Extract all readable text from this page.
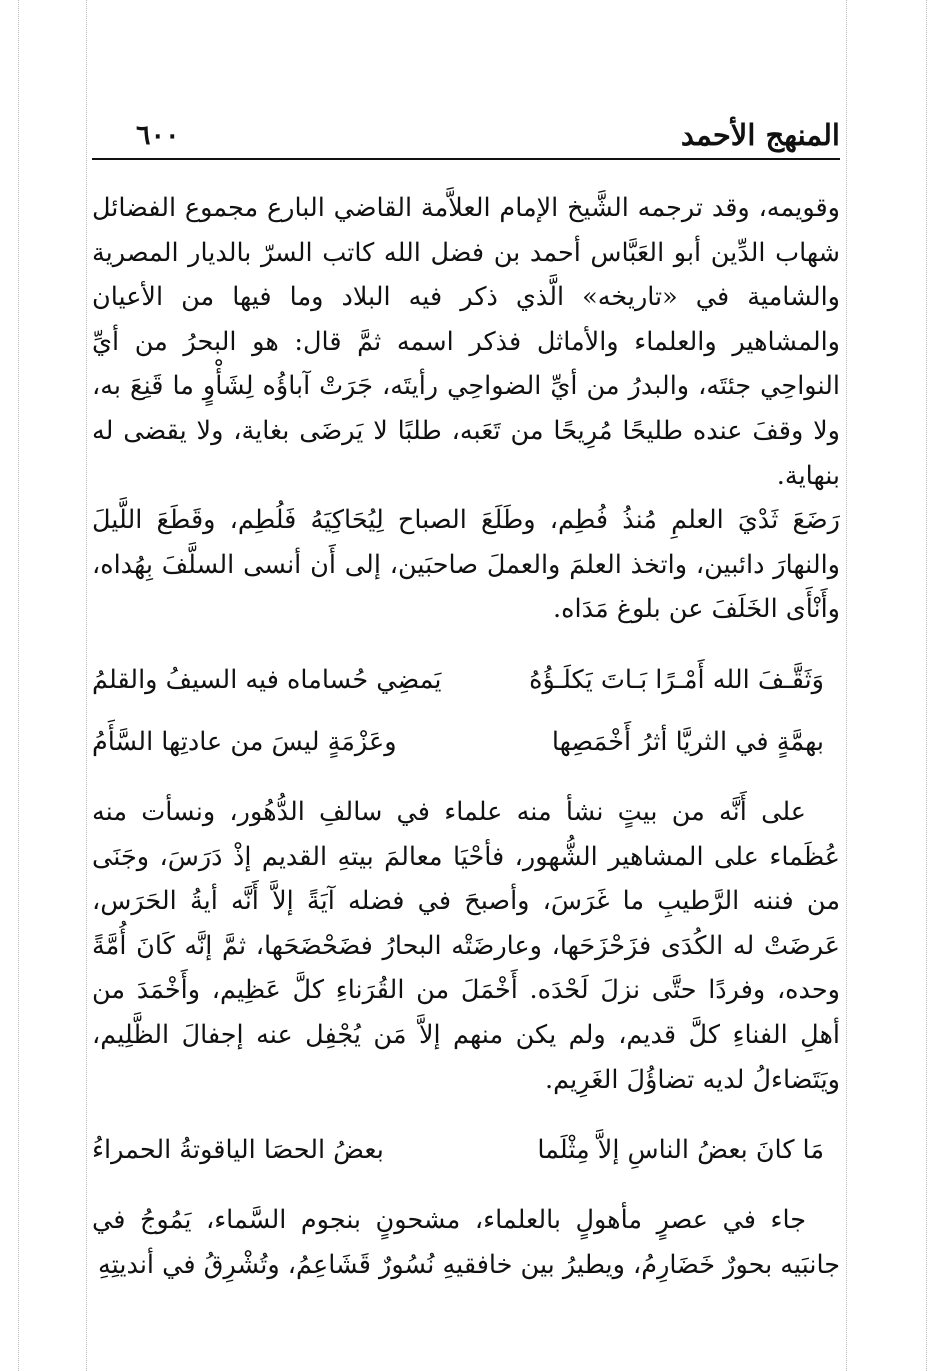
المنهج الأحمد
٦٠٠

وقويمه، وقد ترجمه الشَّيخ الإمام العلاَّمة القاضي البارع مجموع الفضائل شهاب الدِّين أبو العَبَّاس أحمد بن فضل الله كاتب السرّ بالديار المصرية والشامية في «تاريخه» الَّذي ذكر فيه البلاد وما فيها من الأعيان والمشاهير والعلماء والأماثل فذكر اسمه ثمَّ قال: هو البحرُ من أيِّ النواحِي جئتَه، والبدرُ من أيِّ الضواحِي رأيتَه، جَرَتْ آباؤُه لِشَأْوٍ ما قَنِعَ به، ولا وقفَ عنده طليحًا مُرِيحًا من تَعَبه، طلبًا لا يَرضَى بغاية، ولا يقضى له بنهاية.

رَضَعَ ثَدْيَ العلمِ مُنذُ فُطِم، وطَلَعَ الصباح لِيُحَاكِيَهُ فَلُطِم، وقَطَعَ اللَّيلَ والنهارَ دائبين، واتخذ العلمَ والعملَ صاحبَين، إلى أَن أنسى السلَّفَ بِهُداه، وأَنْأَى الخَلَفَ عن بلوغ مَدَاه.

وَثَقَّـفَ الله أَمْـرًا بَـاتَ يَكلَـؤُهُ
يَمضِي حُساماه فيه السيفُ والقلمُ
بهمَّةٍ في الثريَّا أثرُ أَخْمَصِها
وعَزْمَةٍ ليسَ من عادتِها السَّأَمُ

على أَنَّه من بيتٍ نشأ منه علماء في سالفِ الدُّهُور، ونسأت منه عُظَماء على المشاهير الشُّهور، فأحْيَا معالمَ بيتهِ القديم إذْ دَرَسَ، وجَنَى من فننه الرَّطيبِ ما غَرَسَ، وأصبحَ في فضله آيَةً إلاَّ أَنَّه أيةُ الحَرَس، عَرضَتْ له الكُدَى فزَحْزَحَها، وعارضَتْه البحارُ فضَحْضَحَها، ثمَّ إنَّه كَانَ أُمَّةً وحده، وفردًا حتَّى نزلَ لَحْدَه. أَخْمَلَ من القُرَناءِ كلَّ عَظِيم، وأَخْمَدَ من أهلِ الفناءِ كلَّ قديم، ولم يكن منهم إلاَّ مَن يُجْفِل عنه إجفالَ الظَّلِيم، ويَتَضاءلُ لديه تضاؤُلَ الغَرِيم.

مَا كانَ بعضُ الناسِ إلاَّ مِثْلَما
بعضُ الحصَا الياقوتةُ الحمراءُ

جاء في عصرٍ مأهولٍ بالعلماء، مشحونٍ بنجوم السَّماء، يَمُوجُ في جانبَيه بحورٌ خَضَارِمُ، ويطيرُ بين خافقيهِ نُسُورٌ قَشَاعِمُ، وتُشْرِقُ في أنديتِهِ
